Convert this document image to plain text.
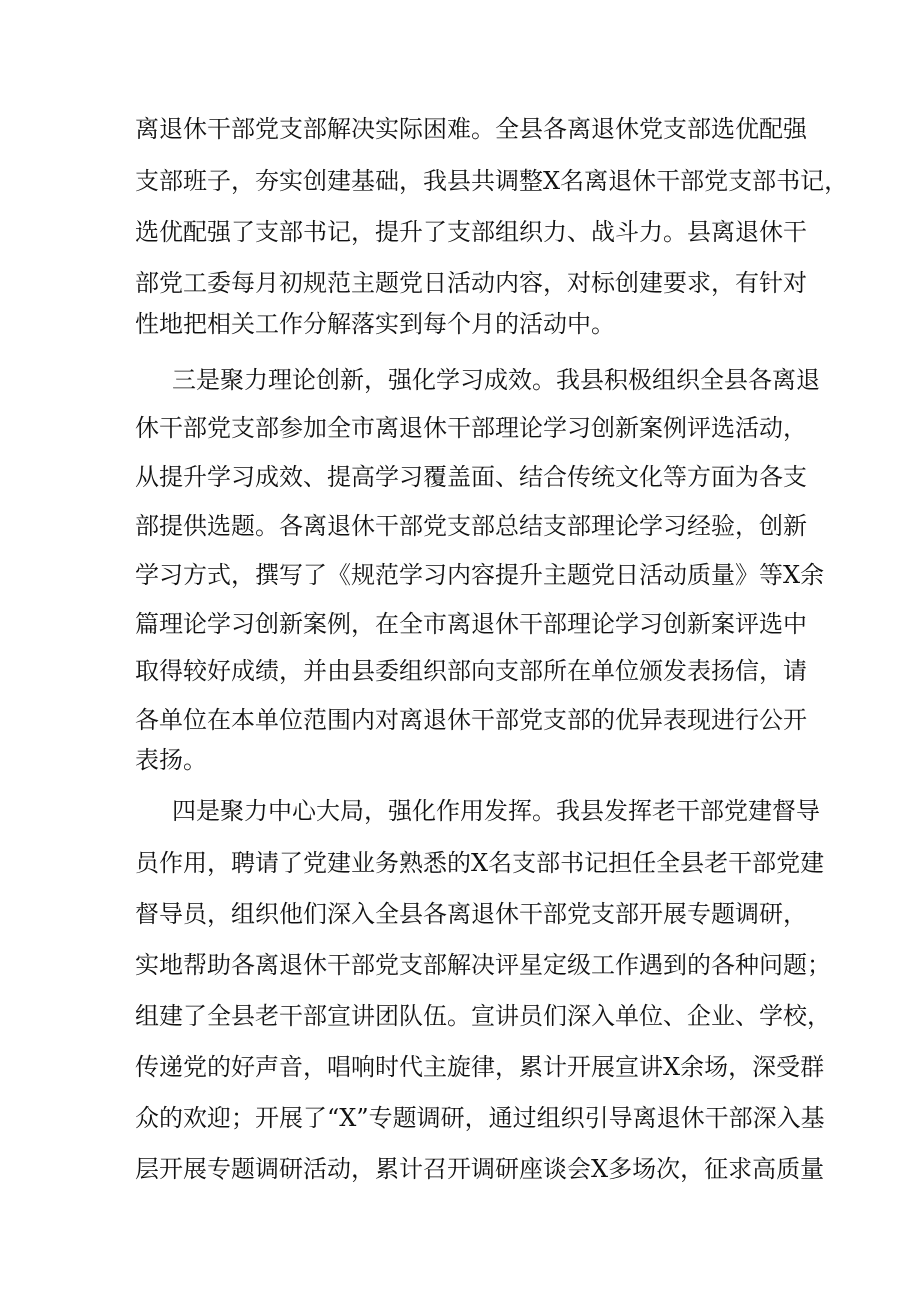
离退休干部党支部解决实际困难。全县各离退休党支部选优配强
支部班子，夯实创建基础，我县共调整X名离退休干部党支部书记，
选优配强了支部书记，提升了支部组织力、战斗力。县离退休干
部党工委每月初规范主题党日活动内容，对标创建要求，有针对
性地把相关工作分解落实到每个月的活动中。
三是聚力理论创新，强化学习成效。我县积极组织全县各离退
休干部党支部参加全市离退休干部理论学习创新案例评选活动，
从提升学习成效、提高学习覆盖面、结合传统文化等方面为各支
部提供选题。各离退休干部党支部总结支部理论学习经验，创新
学习方式，撰写了《规范学习内容提升主题党日活动质量》等X余
篇理论学习创新案例，在全市离退休干部理论学习创新案评选中
取得较好成绩，并由县委组织部向支部所在单位颁发表扬信，请
各单位在本单位范围内对离退休干部党支部的优异表现进行公开
表扬。
四是聚力中心大局，强化作用发挥。我县发挥老干部党建督导
员作用，聘请了党建业务熟悉的X名支部书记担任全县老干部党建
督导员，组织他们深入全县各离退休干部党支部开展专题调研，
实地帮助各离退休干部党支部解决评星定级工作遇到的各种问题；
组建了全县老干部宣讲团队伍。宣讲员们深入单位、企业、学校，
传递党的好声音，唱响时代主旋律，累计开展宣讲X余场，深受群
众的欢迎；开展了“X”专题调研，通过组织引导离退休干部深入基
层开展专题调研活动，累计召开调研座谈会X多场次，征求高质量
